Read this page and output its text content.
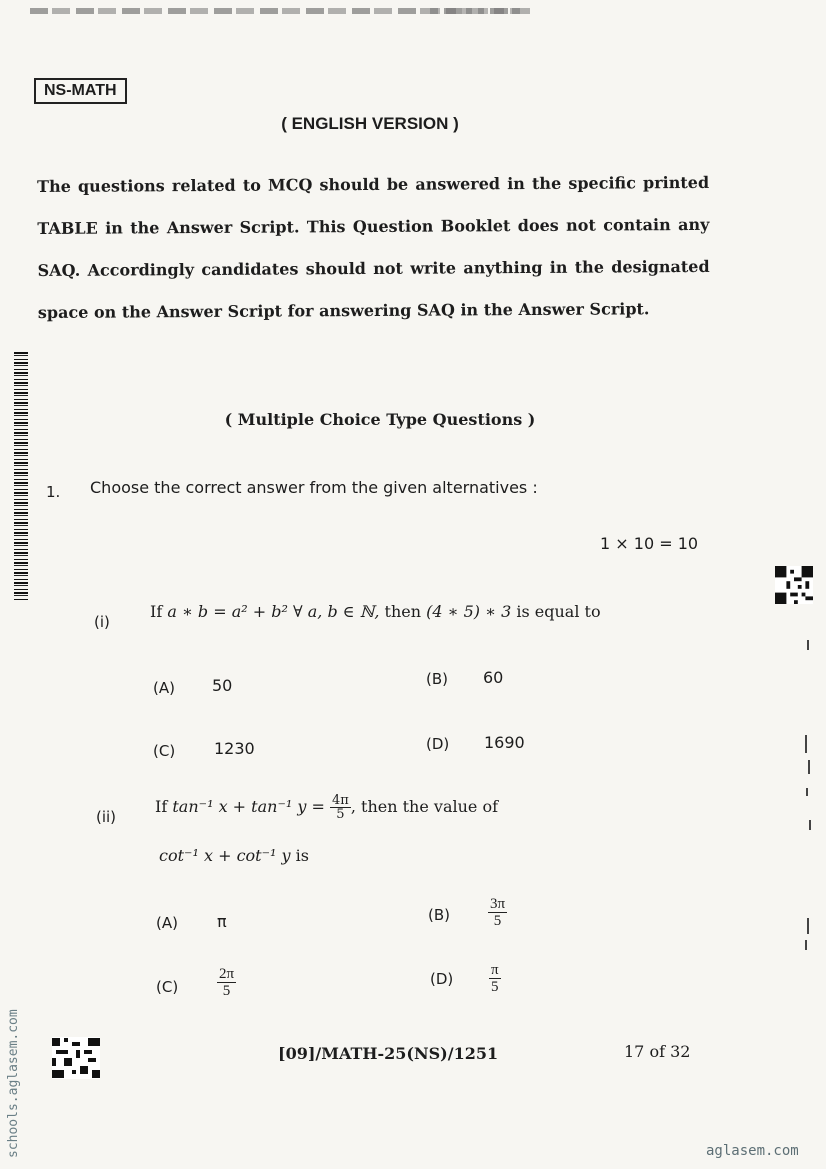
NS-MATH
( ENGLISH VERSION )
The questions related to MCQ should be answered in the specific printed TABLE in the Answer Script. This Question Booklet does not contain any SAQ. Accordingly candidates should not write anything in the designated space on the Answer Script for answering SAQ in the Answer Script.
( Multiple Choice Type Questions )
1. Choose the correct answer from the given alternatives :
1 × 10 = 10
(i)
If a ∗ b = a² + b² ∀ a, b ∈ ℕ, then (4 ∗ 5) ∗ 3 is equal to
(A) 50	(B) 60
(C) 1230	(D) 1690
(ii)
If tan⁻¹ x + tan⁻¹ $y = \frac{4\pi}{5}$ , then the value of
cot⁻¹ x + cot⁻¹ y is
(A) π	(B)	$\frac{3\pi}{5}$
(C)	$\frac{2\pi}{5}$	$(D) \frac{\pi}{5}$
[09]/MATH-25(NS)/1251	17 of 32
schools.aglasem.com	aglasem.com
